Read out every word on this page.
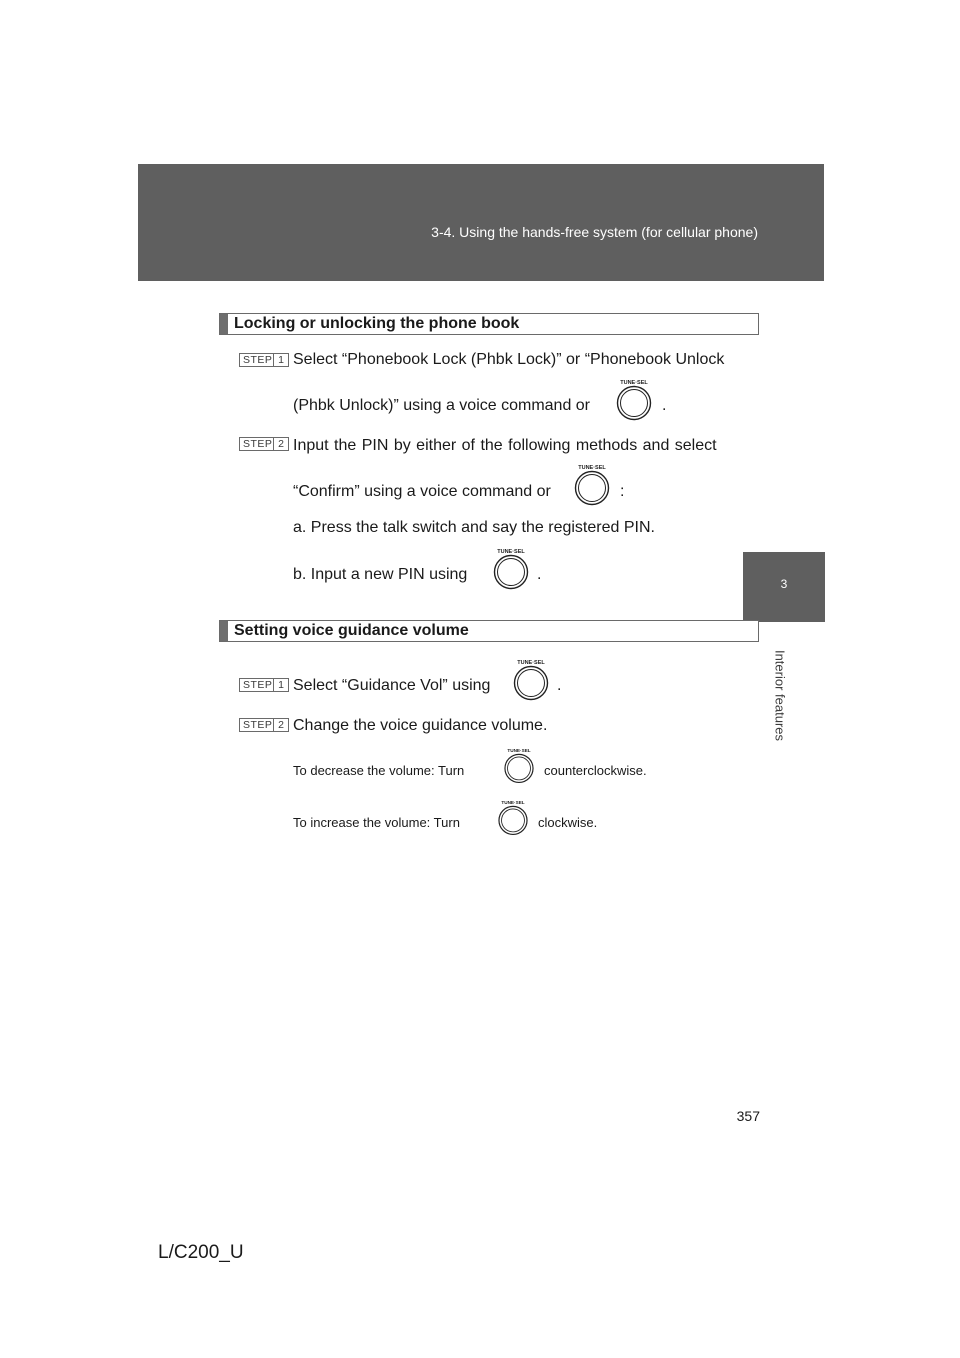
3-4. Using the hands-free system (for cellular phone)
3
Interior features
Locking or unlocking the phone book
STEP 1 Select “Phonebook Lock (Phbk Lock)” or “Phonebook Unlock
(Phbk Unlock)” using a voice command or
TUNE·SEL
.
STEP 2 Input the PIN by either of the following methods and select
“Confirm” using a voice command or
TUNE·SEL
:
a. Press the talk switch and say the registered PIN.
b. Input a new PIN using
TUNE·SEL
.
Setting voice guidance volume
STEP 1 Select “Guidance Vol” using
TUNE·SEL
.
STEP 2 Change the voice guidance volume.
To decrease the volume: Turn
TUNE·SEL
counterclockwise.
To increase the volume: Turn
TUNE·SEL
clockwise.
357
L/C200_U
